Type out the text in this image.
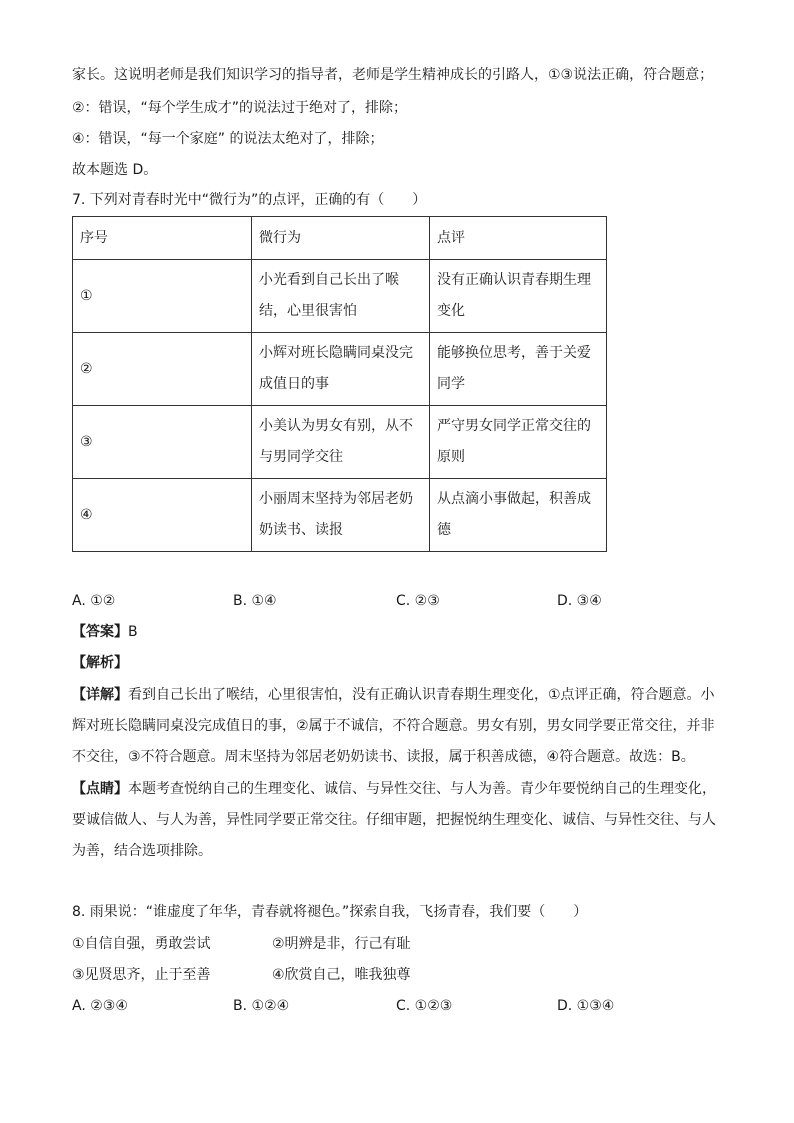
家长。这说明老师是我们知识学习的指导者，老师是学生精神成长的引路人，①③说法正确，符合题意；
②：错误，“每个学生成才”的说法过于绝对了，排除；
④：错误，“每一个家庭” 的说法太绝对了，排除；
故本题选 D。
7. 下列对青春时光中“微行为”的点评，正确的有（　　）
序号	微行为	点评
①	小光看到自己长出了喉
结，心里很害怕	没有正确认识青春期生理
变化
②	小辉对班长隐瞒同桌没完
成值日的事	能够换位思考，善于关爱
同学
③	小美认为男女有别，从不
与男同学交往	严守男女同学正常交往的
原则
④	小丽周末坚持为邻居老奶
奶读书、读报	从点滴小事做起，积善成
德
A. ①②	B. ①④	C. ②③	D. ③④
【答案】B
【解析】
【详解】看到自己长出了喉结，心里很害怕，没有正确认识青春期生理变化，①点评正确，符合题意。小
辉对班长隐瞒同桌没完成值日的事，②属于不诚信，不符合题意。男女有别，男女同学要正常交往，并非
不交往，③不符合题意。周末坚持为邻居老奶奶读书、读报，属于积善成德，④符合题意。故选：B。
【点睛】本题考查悦纳自己的生理变化、诚信、与异性交往、与人为善。青少年要悦纳自己的生理变化，
要诚信做人、与人为善，异性同学要正常交往。仔细审题，把握悦纳生理变化、诚信、与异性交往、与人
为善，结合选项排除。
8. 雨果说：“谁虚度了年华，青春就将褪色。”探索自我，飞扬青春，我们要（　　）
①自信自强，勇敢尝试	②明辨是非，行己有耻
③见贤思齐，止于至善	④欣赏自己，唯我独尊
A. ②③④	B. ①②④	C. ①②③	D. ①③④
